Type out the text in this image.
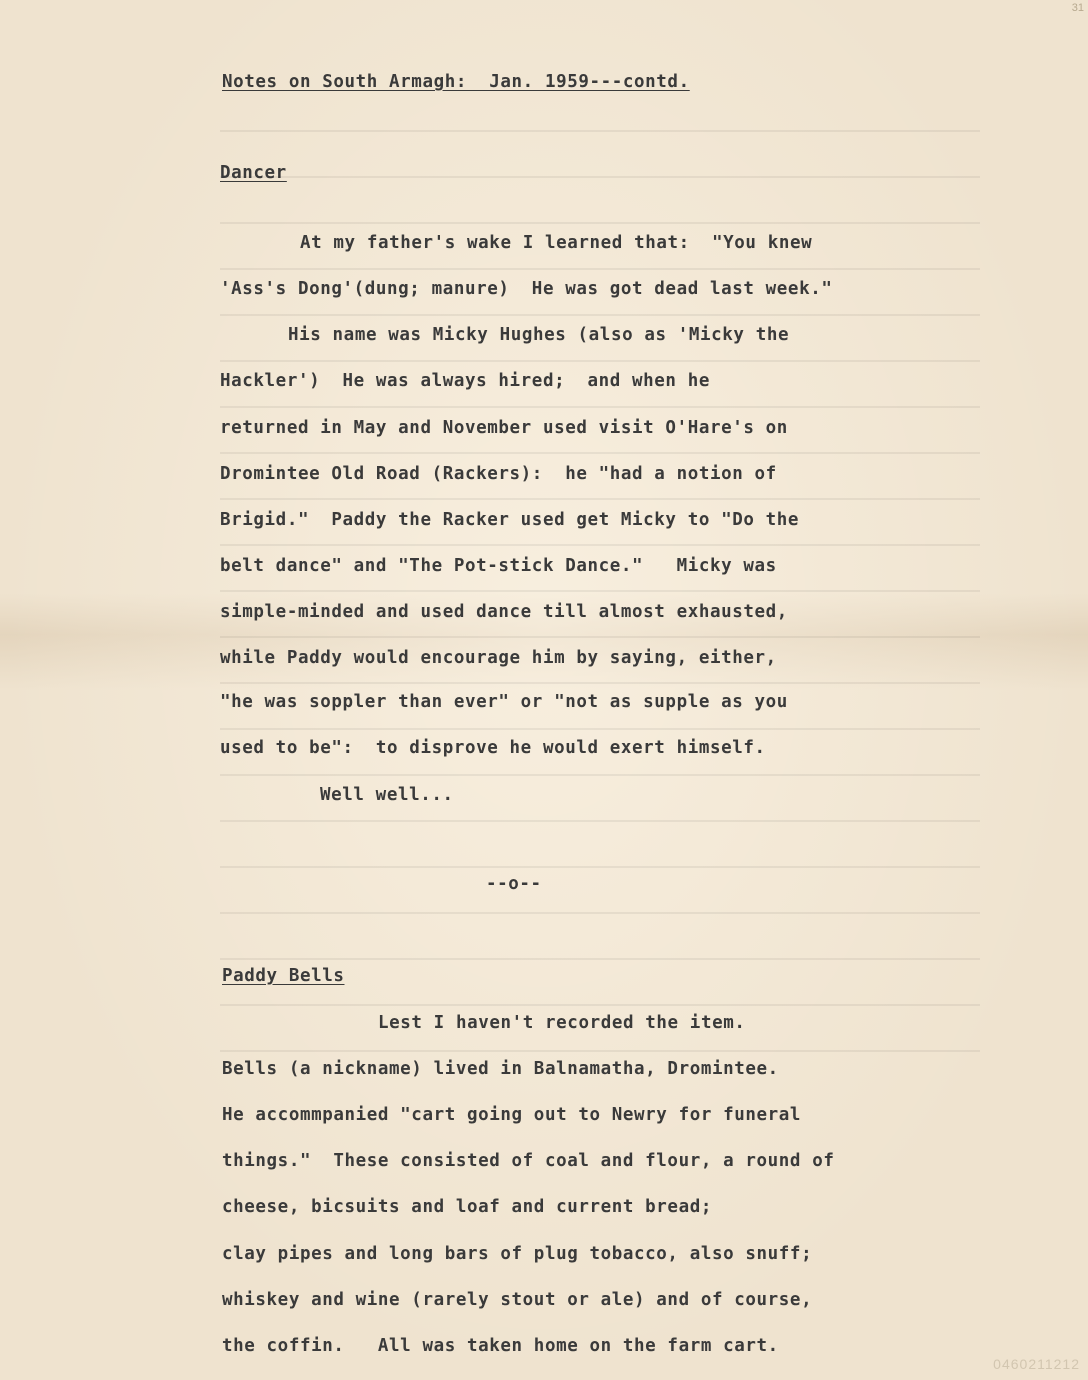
31
Notes on South Armagh:  Jan. 1959---contd.
Dancer
At my father's wake I learned that:  "You knew
'Ass's Dong'(dung; manure)  He was got dead last week."
His name was Micky Hughes (also as 'Micky the
Hackler')  He was always hired;  and when he
returned in May and November used visit O'Hare's on
Dromintee Old Road (Rackers):  he "had a notion of
Brigid."  Paddy the Racker used get Micky to "Do the
belt dance" and "The Pot-stick Dance."   Micky was
simple-minded and used dance till almost exhausted,
while Paddy would encourage him by saying, either,
"he was soppler than ever" or "not as supple as you
used to be":  to disprove he would exert himself.
Well well...
--o--
Paddy Bells
Lest I haven't recorded the item.
Bells (a nickname) lived in Balnamatha, Dromintee.
He accommpanied "cart going out to Newry for funeral
things."  These consisted of coal and flour, a round of
cheese, bicsuits and loaf and current bread;
clay pipes and long bars of plug tobacco, also snuff;
whiskey and wine (rarely stout or ale) and of course,
the coffin.   All was taken home on the farm cart.
0460211212
